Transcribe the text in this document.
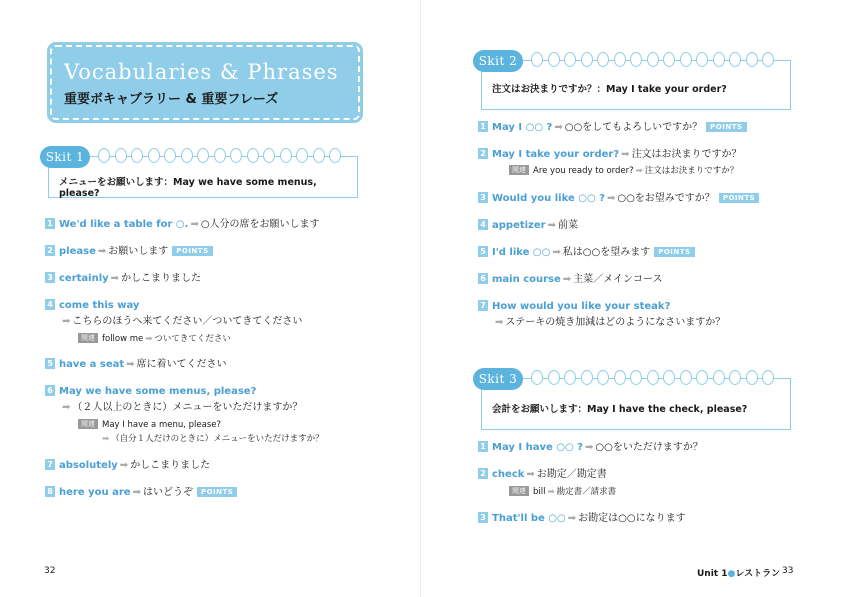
Vocabularies & Phrases
重要ボキャブラリー & 重要フレーズ
Skit 1
メニューをお願いします：May we have some menus, please?
1 We'd like a table for ○. ➡ ○人分の席をお願いします
2 please ➡ お願いします POINTS
3 certainly ➡ かしこまりました
4 come this way
➡ こちらのほうへ来てください／ついてきてください
関連 follow me ➡ ついてきてください
5 have a seat ➡ 席に着いてください
6 May we have some menus, please?
➡ （２人以上のときに）メニューをいただけますか？
関連 May I have a menu, please?
➡ （自分１人だけのときに）メニューをいただけますか？
7 absolutely ➡ かしこまりました
8 here you are ➡ はいどうぞ POINTS
32
Skit 2
注文はお決まりですか？：May I take your order?
1 May I ○○ ? ➡ ○○をしてもよろしいですか？ POINTS
2 May I take your order? ➡ 注文はお決まりですか？
関連 Are you ready to order? ➡ 注文はお決まりですか？
3 Would you like ○○ ? ➡ ○○をお望みですか？ POINTS
4 appetizer ➡ 前菜
5 I'd like ○○ ➡ 私は○○を望みます POINTS
6 main course ➡ 主菜／メインコース
7 How would you like your steak?
➡ ステーキの焼き加減はどのようになさいますか？
Skit 3
会計をお願いします：May I have the check, please?
1 May I have ○○ ? ➡ ○○をいただけますか？
2 check ➡ お勘定／勘定書
関連 bill ➡ 勘定書／請求書
3 That'll be ○○ ➡ お勘定は○○になります
Unit 1●レストラン 33
